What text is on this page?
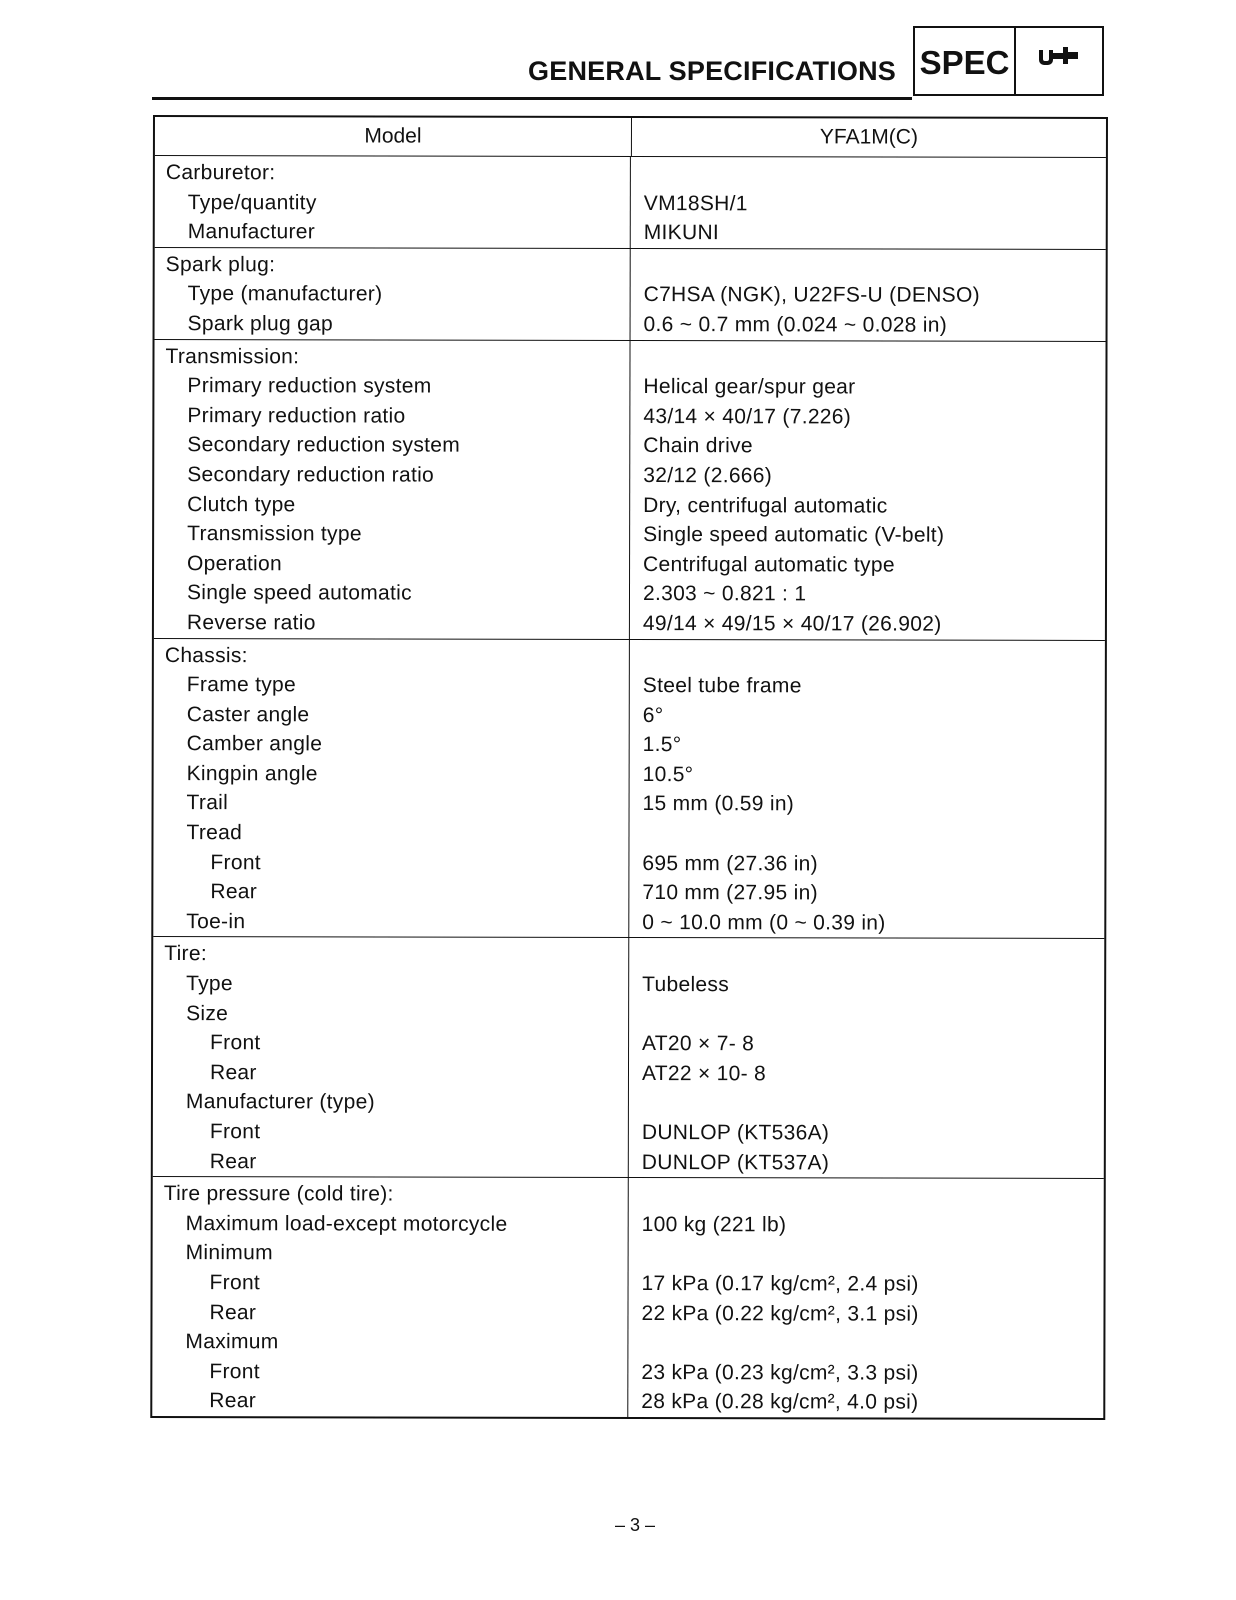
GENERAL SPECIFICATIONS SPEC
Model	YFA1M(C)
Carburetor:
Type/quantity
Manufacturer
VM18SH/1
MIKUNI
Spark plug:
Type (manufacturer)
Spark plug gap
C7HSA (NGK), U22FS-U (DENSO)
0.6 ~ 0.7 mm (0.024 ~ 0.028 in)
Transmission:
Primary reduction system
Primary reduction ratio
Secondary reduction system
Secondary reduction ratio
Clutch type
Transmission type
Operation
Single speed automatic
Reverse ratio
Helical gear/spur gear
43/14 × 40/17 (7.226)
Chain drive
32/12 (2.666)
Dry, centrifugal automatic
Single speed automatic (V-belt)
Centrifugal automatic type
2.303 ~ 0.821 : 1
49/14 × 49/15 × 40/17 (26.902)
Chassis:
Frame type
Caster angle
Camber angle
Kingpin angle
Trail
Tread
Front
Rear
Toe-in
Steel tube frame
6°
1.5°
10.5°
15 mm (0.59 in)
695 mm (27.36 in)
710 mm (27.95 in)
0 ~ 10.0 mm (0 ~ 0.39 in)
Tire:
Type
Size
Front
Rear
Manufacturer (type)
Front
Rear
Tubeless
AT20 × 7- 8
AT22 × 10- 8
DUNLOP (KT536A)
DUNLOP (KT537A)
Tire pressure (cold tire):
Maximum load-except motorcycle
Minimum
Front
Rear
Maximum
Front
Rear
100 kg (221 lb)
17 kPa (0.17 kg/cm², 2.4 psi)
22 kPa (0.22 kg/cm², 3.1 psi)
23 kPa (0.23 kg/cm², 3.3 psi)
28 kPa (0.28 kg/cm², 4.0 psi)
– 3 –
